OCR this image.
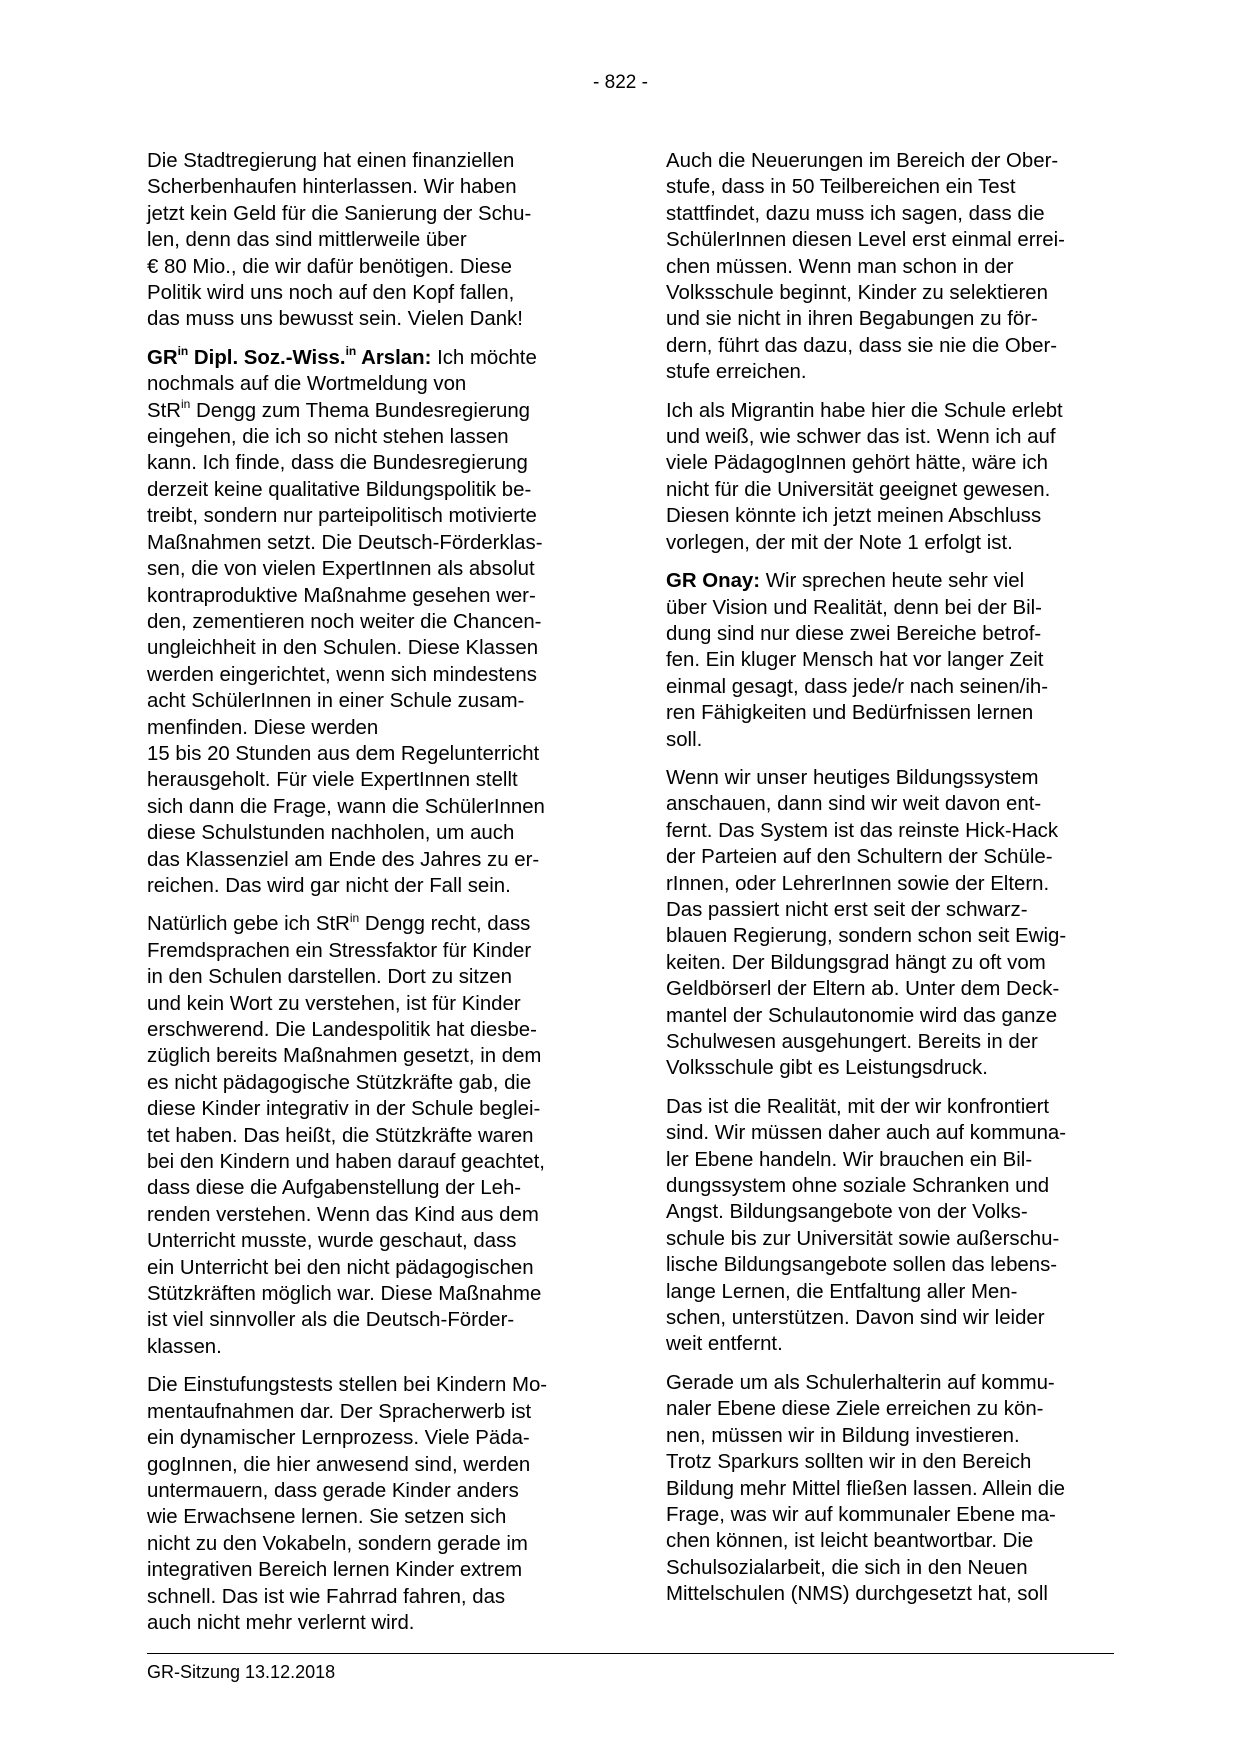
- 822 -

Die Stadtregierung hat einen finanziellen
Scherbenhaufen hinterlassen. Wir haben
jetzt kein Geld für die Sanierung der Schu-
len, denn das sind mittlerweile über
€ 80 Mio., die wir dafür benötigen. Diese
Politik wird uns noch auf den Kopf fallen,
das muss uns bewusst sein. Vielen Dank!

$GR^{in}$ Dipl. Soz.-Wiss.$^{in}$ Arslan: Ich möchte
nochmals auf die Wortmeldung von
StR$^{in}$ Dengg zum Thema Bundesregierung
eingehen, die ich so nicht stehen lassen
kann. Ich finde, dass die Bundesregierung
derzeit keine qualitative Bildungspolitik be-
treibt, sondern nur parteipolitisch motivierte
Maßnahmen setzt. Die Deutsch-Förderklas-
sen, die von vielen ExpertInnen als absolut
kontraproduktive Maßnahme gesehen wer-
den, zementieren noch weiter die Chancen-
ungleichheit in den Schulen. Diese Klassen
werden eingerichtet, wenn sich mindestens
acht SchülerInnen in einer Schule zusam-
menfinden. Diese werden
15 bis 20 Stunden aus dem Regelunterricht
herausgeholt. Für viele ExpertInnen stellt
sich dann die Frage, wann die SchülerInnen
diese Schulstunden nachholen, um auch
das Klassenziel am Ende des Jahres zu er-
reichen. Das wird gar nicht der Fall sein.

Natürlich gebe ich StR$^{in}$ Dengg recht, dass
Fremdsprachen ein Stressfaktor für Kinder
in den Schulen darstellen. Dort zu sitzen
und kein Wort zu verstehen, ist für Kinder
erschwerend. Die Landespolitik hat diesbe-
züglich bereits Maßnahmen gesetzt, in dem
es nicht pädagogische Stützkräfte gab, die
diese Kinder integrativ in der Schule beglei-
tet haben. Das heißt, die Stützkräfte waren
bei den Kindern und haben darauf geachtet,
dass diese die Aufgabenstellung der Leh-
renden verstehen. Wenn das Kind aus dem
Unterricht musste, wurde geschaut, dass
ein Unterricht bei den nicht pädagogischen
Stützkräften möglich war. Diese Maßnahme
ist viel sinnvoller als die Deutsch-Förder-
klassen.

Die Einstufungstests stellen bei Kindern Mo-
mentaufnahmen dar. Der Spracherwerb ist
ein dynamischer Lernprozess. Viele Päda-
gogInnen, die hier anwesend sind, werden
untermauern, dass gerade Kinder anders
wie Erwachsene lernen. Sie setzen sich
nicht zu den Vokabeln, sondern gerade im
integrativen Bereich lernen Kinder extrem
schnell. Das ist wie Fahrrad fahren, das
auch nicht mehr verlernt wird.

Auch die Neuerungen im Bereich der Ober-
stufe, dass in 50 Teilbereichen ein Test
stattfindet, dazu muss ich sagen, dass die
SchülerInnen diesen Level erst einmal errei-
chen müssen. Wenn man schon in der
Volksschule beginnt, Kinder zu selektieren
und sie nicht in ihren Begabungen zu för-
dern, führt das dazu, dass sie nie die Ober-
stufe erreichen.

Ich als Migrantin habe hier die Schule erlebt
und weiß, wie schwer das ist. Wenn ich auf
viele PädagogInnen gehört hätte, wäre ich
nicht für die Universität geeignet gewesen.
Diesen könnte ich jetzt meinen Abschluss
vorlegen, der mit der Note 1 erfolgt ist.

GR Onay: Wir sprechen heute sehr viel
über Vision und Realität, denn bei der Bil-
dung sind nur diese zwei Bereiche betrof-
fen. Ein kluger Mensch hat vor langer Zeit
einmal gesagt, dass jede/r nach seinen/ih-
ren Fähigkeiten und Bedürfnissen lernen
soll.

Wenn wir unser heutiges Bildungssystem
anschauen, dann sind wir weit davon ent-
fernt. Das System ist das reinste Hick-Hack
der Parteien auf den Schultern der Schüle-
rInnen, oder LehrerInnen sowie der Eltern.
Das passiert nicht erst seit der schwarz-
blauen Regierung, sondern schon seit Ewig-
keiten. Der Bildungsgrad hängt zu oft vom
Geldbörserl der Eltern ab. Unter dem Deck-
mantel der Schulautonomie wird das ganze
Schulwesen ausgehungert. Bereits in der
Volksschule gibt es Leistungsdruck.

Das ist die Realität, mit der wir konfrontiert
sind. Wir müssen daher auch auf kommuna-
ler Ebene handeln. Wir brauchen ein Bil-
dungssystem ohne soziale Schranken und
Angst. Bildungsangebote von der Volks-
schule bis zur Universität sowie außerschu-
lische Bildungsangebote sollen das lebens-
lange Lernen, die Entfaltung aller Men-
schen, unterstützen. Davon sind wir leider
weit entfernt.

Gerade um als Schulerhalterin auf kommu-
naler Ebene diese Ziele erreichen zu kön-
nen, müssen wir in Bildung investieren.
Trotz Sparkurs sollten wir in den Bereich
Bildung mehr Mittel fließen lassen. Allein die
Frage, was wir auf kommunaler Ebene ma-
chen können, ist leicht beantwortbar. Die
Schulsozialarbeit, die sich in den Neuen
Mittelschulen (NMS) durchgesetzt hat, soll

GR-Sitzung 13.12.2018
